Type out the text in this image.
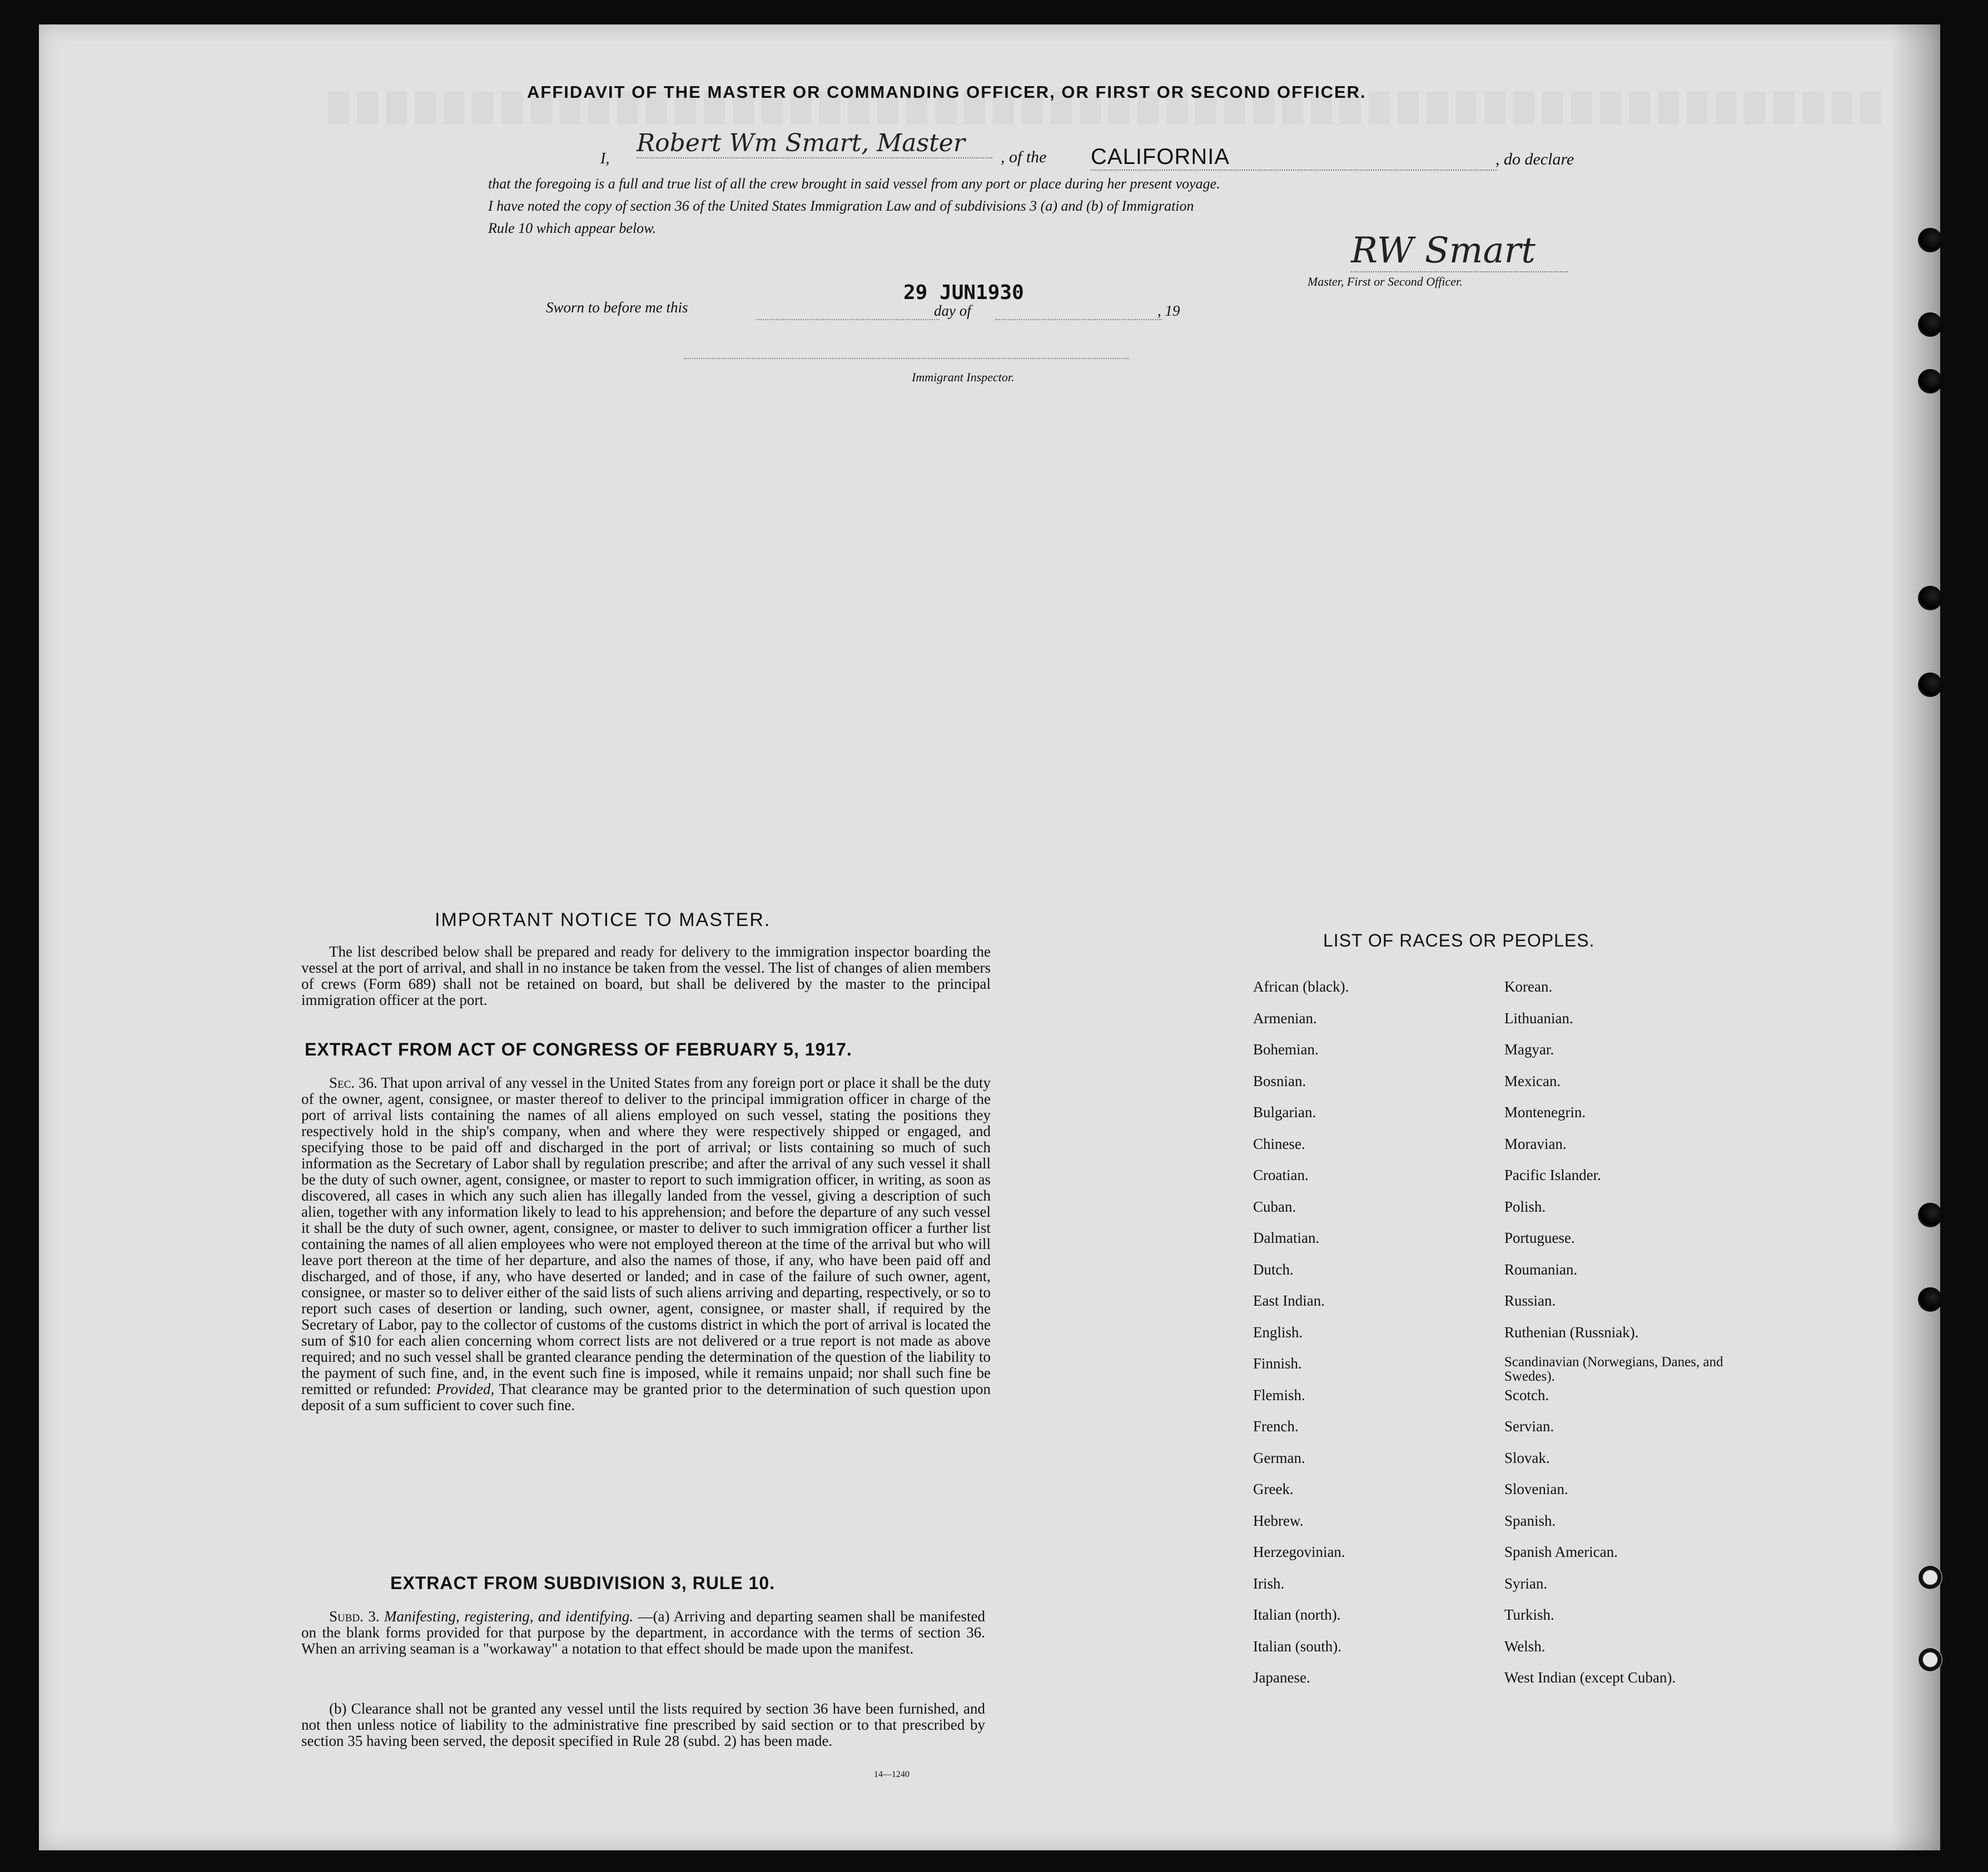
AFFIDAVIT OF THE MASTER OR COMMANDING OFFICER, OR FIRST OR SECOND OFFICER.
I,
Robert Wm Smart, Master	, of the CALIFORNIA	, do declare
that the foregoing is a full and true list of all the crew brought in said vessel from any port or place during her present voyage.
I have noted the copy of section 36 of the United States Immigration Law and of subdivisions 3 (a) and (b) of Immigration
Rule 10 which appear below.
RW Smart
Master, First or Second Officer.
Sworn to before me this
29 JUN1930
day of	, 19
Immigrant Inspector.
IMPORTANT NOTICE TO MASTER.
The list described below shall be prepared and ready for delivery to the immigration inspector boarding the vessel at the port of arrival, and shall in no instance be taken from the vessel. The list of changes of alien members of crews (Form 689) shall not be retained on board, but shall be delivered by the master to the principal immigration officer at the port.
EXTRACT FROM ACT OF CONGRESS OF FEBRUARY 5, 1917.
Sec. 36. That upon arrival of any vessel in the United States from any foreign port or place it shall be the duty of the owner, agent, consignee, or master thereof to deliver to the principal immigration officer in charge of the port of arrival lists containing the names of all aliens employed on such vessel, stating the positions they respectively hold in the ship's company, when and where they were respectively shipped or engaged, and specifying those to be paid off and discharged in the port of arrival; or lists containing so much of such information as the Secretary of Labor shall by regulation prescribe; and after the arrival of any such vessel it shall be the duty of such owner, agent, consignee, or master to report to such immigration officer, in writing, as soon as discovered, all cases in which any such alien has illegally landed from the vessel, giving a description of such alien, together with any information likely to lead to his apprehension; and before the departure of any such vessel it shall be the duty of such owner, agent, consignee, or master to deliver to such immigration officer a further list containing the names of all alien employees who were not employed thereon at the time of the arrival but who will leave port thereon at the time of her departure, and also the names of those, if any, who have been paid off and discharged, and of those, if any, who have deserted or landed; and in case of the failure of such owner, agent, consignee, or master so to deliver either of the said lists of such aliens arriving and departing, respectively, or so to report such cases of desertion or landing, such owner, agent, consignee, or master shall, if required by the Secretary of Labor, pay to the collector of customs of the customs district in which the port of arrival is located the sum of $10 for each alien concerning whom correct lists are not delivered or a true report is not made as above required; and no such vessel shall be granted clearance pending the determination of the question of the liability to the payment of such fine, and, in the event such fine is imposed, while it remains unpaid; nor shall such fine be remitted or refunded: Provided, That clearance may be granted prior to the determination of such question upon deposit of a sum sufficient to cover such fine.
EXTRACT FROM SUBDIVISION 3, RULE 10.
Subd. 3. Manifesting, registering, and identifying. —(a) Arriving and departing seamen shall be manifested on the blank forms provided for that purpose by the department, in accordance with the terms of section 36. When an arriving seaman is a "workaway" a notation to that effect should be made upon the manifest.
(b) Clearance shall not be granted any vessel until the lists required by section 36 have been furnished, and not then unless notice of liability to the administrative fine prescribed by said section or to that prescribed by section 35 having been served, the deposit specified in Rule 28 (subd. 2) has been made.
14—1240
LIST OF RACES OR PEOPLES.
African (black).
Armenian.
Bohemian.
Bosnian.
Bulgarian.
Chinese.
Croatian.
Cuban.
Dalmatian.
Dutch.
East Indian.
English.
Finnish.
Flemish.
French.
German.
Greek.
Hebrew.
Herzegovinian.
Irish.
Italian (north).
Italian (south).
Japanese.
Korean.
Lithuanian.
Magyar.
Mexican.
Montenegrin.
Moravian.
Pacific Islander.
Polish.
Portuguese.
Roumanian.
Russian.
Ruthenian (Russniak).
Scandinavian (Norwegians, Danes, and Swedes).
Scotch.
Servian.
Slovak.
Slovenian.
Spanish.
Spanish American.
Syrian.
Turkish.
Welsh.
West Indian (except Cuban).
